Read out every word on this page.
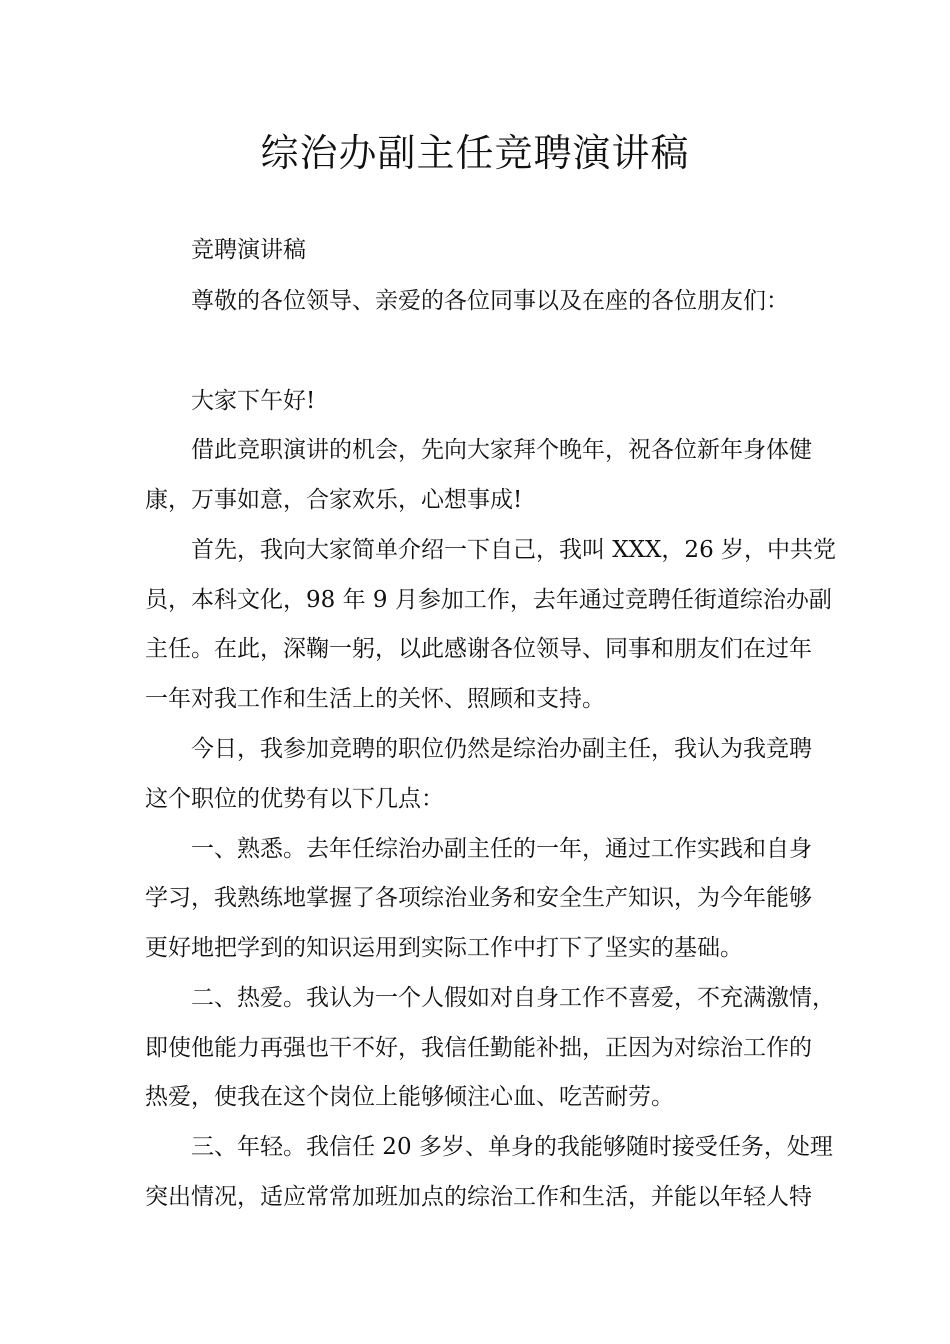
综治办副主任竞聘演讲稿
竞聘演讲稿
尊敬的各位领导、亲爱的各位同事以及在座的各位朋友们：
大家下午好!
借此竞职演讲的机会，先向大家拜个晚年，祝各位新年身体健
康，万事如意，合家欢乐，心想事成!
首先，我向大家简单介绍一下自己，我叫 XXX，26 岁，中共党
员，本科文化，98 年 9 月参加工作，去年通过竞聘任街道综治办副
主任。在此，深鞠一躬，以此感谢各位领导、同事和朋友们在过年
一年对我工作和生活上的关怀、照顾和支持。
今日，我参加竞聘的职位仍然是综治办副主任，我认为我竞聘
这个职位的优势有以下几点：
一、熟悉。去年任综治办副主任的一年，通过工作实践和自身
学习，我熟练地掌握了各项综治业务和安全生产知识，为今年能够
更好地把学到的知识运用到实际工作中打下了坚实的基础。
二、热爱。我认为一个人假如对自身工作不喜爱，不充满激情，
即使他能力再强也干不好，我信任勤能补拙，正因为对综治工作的
热爱，使我在这个岗位上能够倾注心血、吃苦耐劳。
三、年轻。我信任 20 多岁、单身的我能够随时接受任务，处理
突出情况，适应常常加班加点的综治工作和生活，并能以年轻人特
